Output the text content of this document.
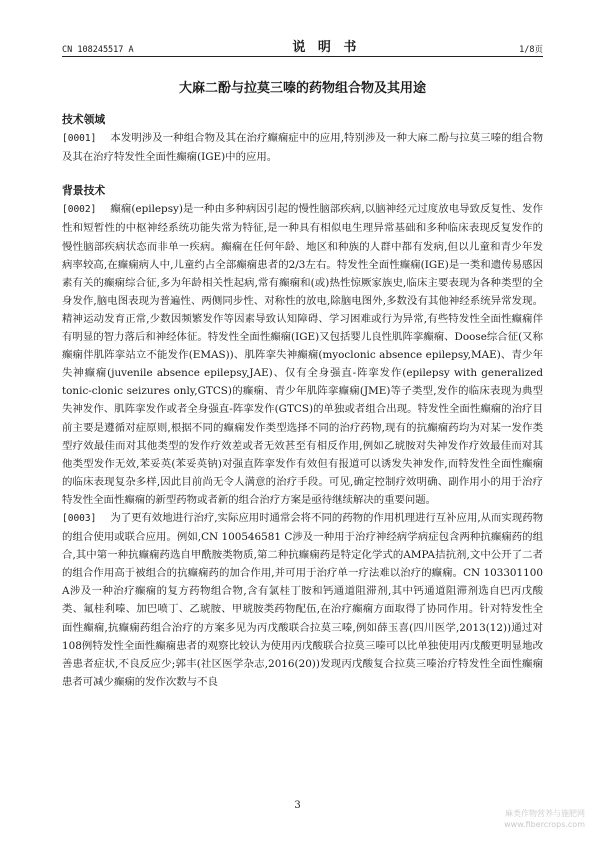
CN 108245517 A	说 明 书	1/8页
大麻二酚与拉莫三嗪的药物组合物及其用途
技术领域

[0001] 本发明涉及一种组合物及其在治疗癫痫症中的应用,特别涉及一种大麻二酚与拉莫三嗪的组合物及其在治疗特发性全面性癫痫(IGE)中的应用。

背景技术

[0002] 癫痫(epilepsy)是一种由多种病因引起的慢性脑部疾病,以脑神经元过度放电导致反复性、发作性和短暂性的中枢神经系统功能失常为特征,是一种具有相似电生理异常基础和多种临床表现反复发作的慢性脑部疾病状态而非单一疾病。癫痫在任何年龄、地区和种族的人群中都有发病,但以儿童和青少年发病率较高,在癫痫病人中,儿童约占全部癫痫患者的2/3左右。特发性全面性癫痫(IGE)是一类和遗传易感因素有关的癫痫综合征,多为年龄相关性起病,常有癫痫和(或)热性惊厥家族史,临床主要表现为各种类型的全身发作,脑电图表现为普遍性、两侧同步性、对称性的放电,除脑电图外,多数没有其他神经系统异常发现。精神运动发育正常,少数因频繁发作等因素导致认知障碍、学习困难或行为异常,有些特发性全面性癫痫伴有明显的智力落后和神经体征。特发性全面性癫痫(IGE)又包括婴儿良性肌阵挛癫痫、Doose综合征(又称癫痫伴肌阵挛站立不能发作(EMAS))、肌阵挛失神癫痫(myoclonic absence epilepsy,MAE)、青少年失神癫痫(juvenile absence epilepsy,JAE)、仅有全身强直-阵挛发作(epilepsy with generalized tonic-clonic seizures only,GTCS)的癫痫、青少年肌阵挛癫痫(JME)等子类型,发作的临床表现为典型失神发作、肌阵挛发作或者全身强直-阵挛发作(GTCS)的单独或者组合出现。特发性全面性癫痫的治疗目前主要是遵循对症原则,根据不同的癫痫发作类型选择不同的治疗药物,现有的抗癫痫药均为对某一发作类型疗效最佳而对其他类型的发作疗效差或者无效甚至有相反作用,例如乙琥胺对失神发作疗效最佳而对其他类型发作无效,苯妥英(苯妥英钠)对强直阵挛发作有效但有报道可以诱发失神发作,而特发性全面性癫痫的临床表现复杂多样,因此目前尚无令人满意的治疗手段。可见,确定控制疗效明确、副作用小的用于治疗特发性全面性癫痫的新型药物或者新的组合治疗方案是亟待继续解决的重要问题。

[0003] 为了更有效地进行治疗,实际应用时通常会将不同的药物的作用机理进行互补应用,从而实现药物的组合使用或联合应用。例如,CN 100546581 C涉及一种用于治疗神经病学病症包含两种抗癫痫药的组合,其中第一种抗癫痫药选自甲酰胺类物质,第二种抗癫痫药是特定化学式的AMPA拮抗剂,文中公开了二者的组合作用高于被组合的抗癫痫药的加合作用,并可用于治疗单一疗法难以治疗的癫痫。CN 103301100 A涉及一种治疗癫痫的复方药物组合物,含有氯桂丁胺和钙通道阻滞剂,其中钙通道阻滞剂选自巴丙戊酸类、氟桂利嗪、加巴喷丁、乙琥胺、甲琥胺类药物配伍,在治疗癫痫方面取得了协同作用。针对特发性全面性癫痫,抗癫痫药组合治疗的方案多见为丙戊酸联合拉莫三嗪,例如薛玉喜(四川医学,2013(12))通过对108例特发性全面性癫痫患者的观察比较认为使用丙戊酸联合拉莫三嗪可以比单独使用丙戊酸更明显地改善患者症状,不良反应少;郭丰(社区医学杂志,2016(20))发现丙戊酸复合拉莫三嗪治疗特发性全面性癫痫患者可减少癫痫的发作次数与不良

3
麻类作物营养与施肥网
www.fibercrops.com
